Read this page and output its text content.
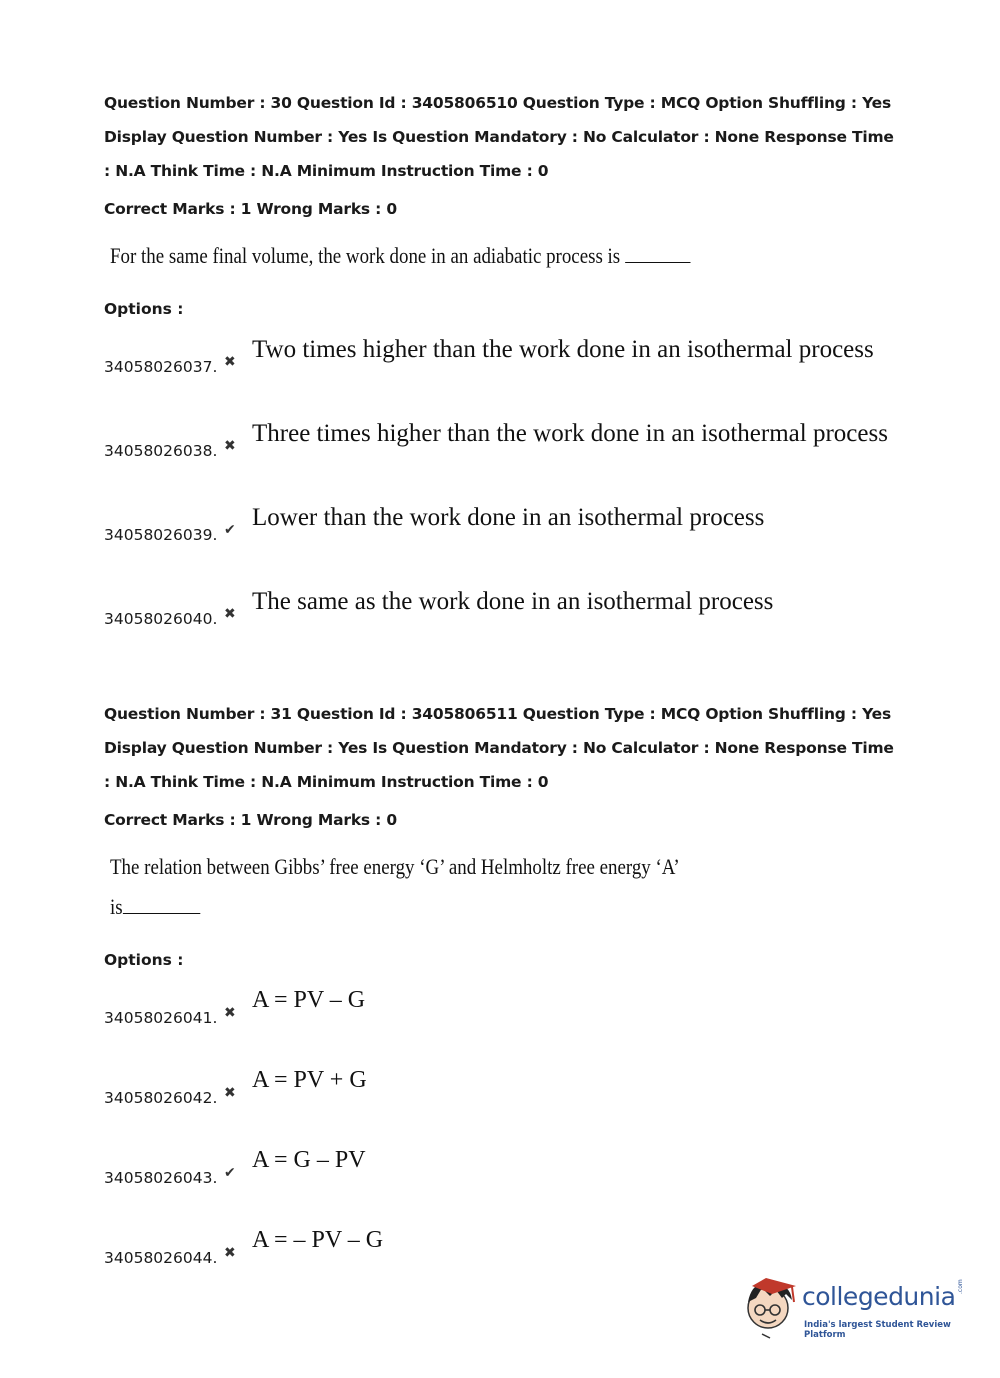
Question Number : 30 Question Id : 3405806510 Question Type : MCQ Option Shuffling : Yes
Display Question Number : Yes Is Question Mandatory : No Calculator : None Response Time
: N.A Think Time : N.A Minimum Instruction Time : 0
Correct Marks : 1 Wrong Marks : 0
For the same final volume, the work done in an adiabatic process is
Options :
34058026037. ✖ Two times higher than the work done in an isothermal process
34058026038. ✖ Three times higher than the work done in an isothermal process
34058026039. ✔ Lower than the work done in an isothermal process
34058026040. ✖ The same as the work done in an isothermal process
Question Number : 31 Question Id : 3405806511 Question Type : MCQ Option Shuffling : Yes
Display Question Number : Yes Is Question Mandatory : No Calculator : None Response Time
: N.A Think Time : N.A Minimum Instruction Time : 0
Correct Marks : 1 Wrong Marks : 0
The relation between Gibbs’ free energy ‘G’ and Helmholtz free energy ‘A’
is
Options :
34058026041. ✖ A = PV – G
34058026042. ✖ A = PV + G
34058026043. ✔ A = G – PV
34058026044. ✖ A = – PV – G
collegedunia .com
India's largest Student Review Platform
